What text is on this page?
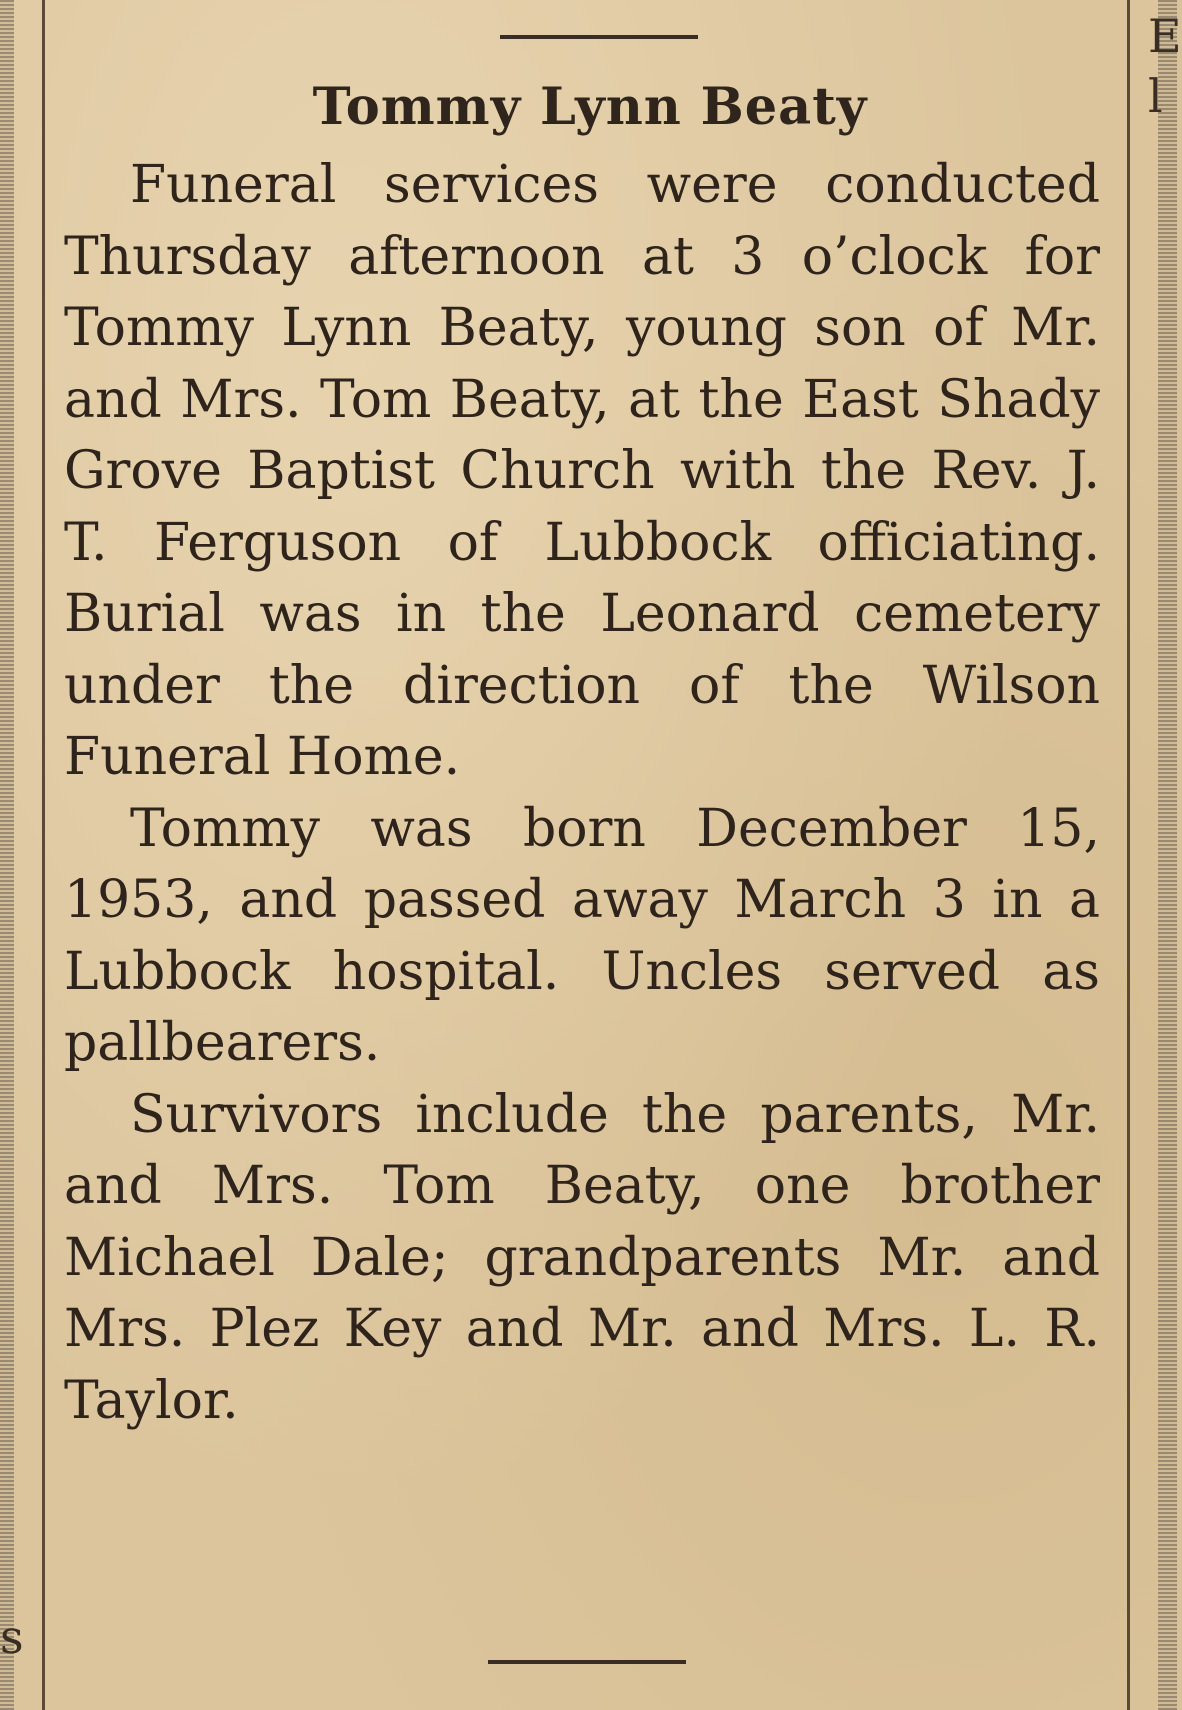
E
l
s
Tommy Lynn Beaty

Funeral services were conducted Thursday afternoon at 3 o’clock for Tommy Lynn Beaty, young son of Mr. and Mrs. Tom Beaty, at the East Shady Grove Baptist Church with the Rev. J. T. Ferguson of Lubbock officiating. Burial was in the Leonard cemetery under the direction of the Wilson Funeral Home.

Tommy was born December 15, 1953, and passed away March 3 in a Lubbock hospital. Uncles served as pallbearers.

Survivors include the parents, Mr. and Mrs. Tom Beaty, one brother Michael Dale; grandparents Mr. and Mrs. Plez Key and Mr. and Mrs. L. R. Taylor.
